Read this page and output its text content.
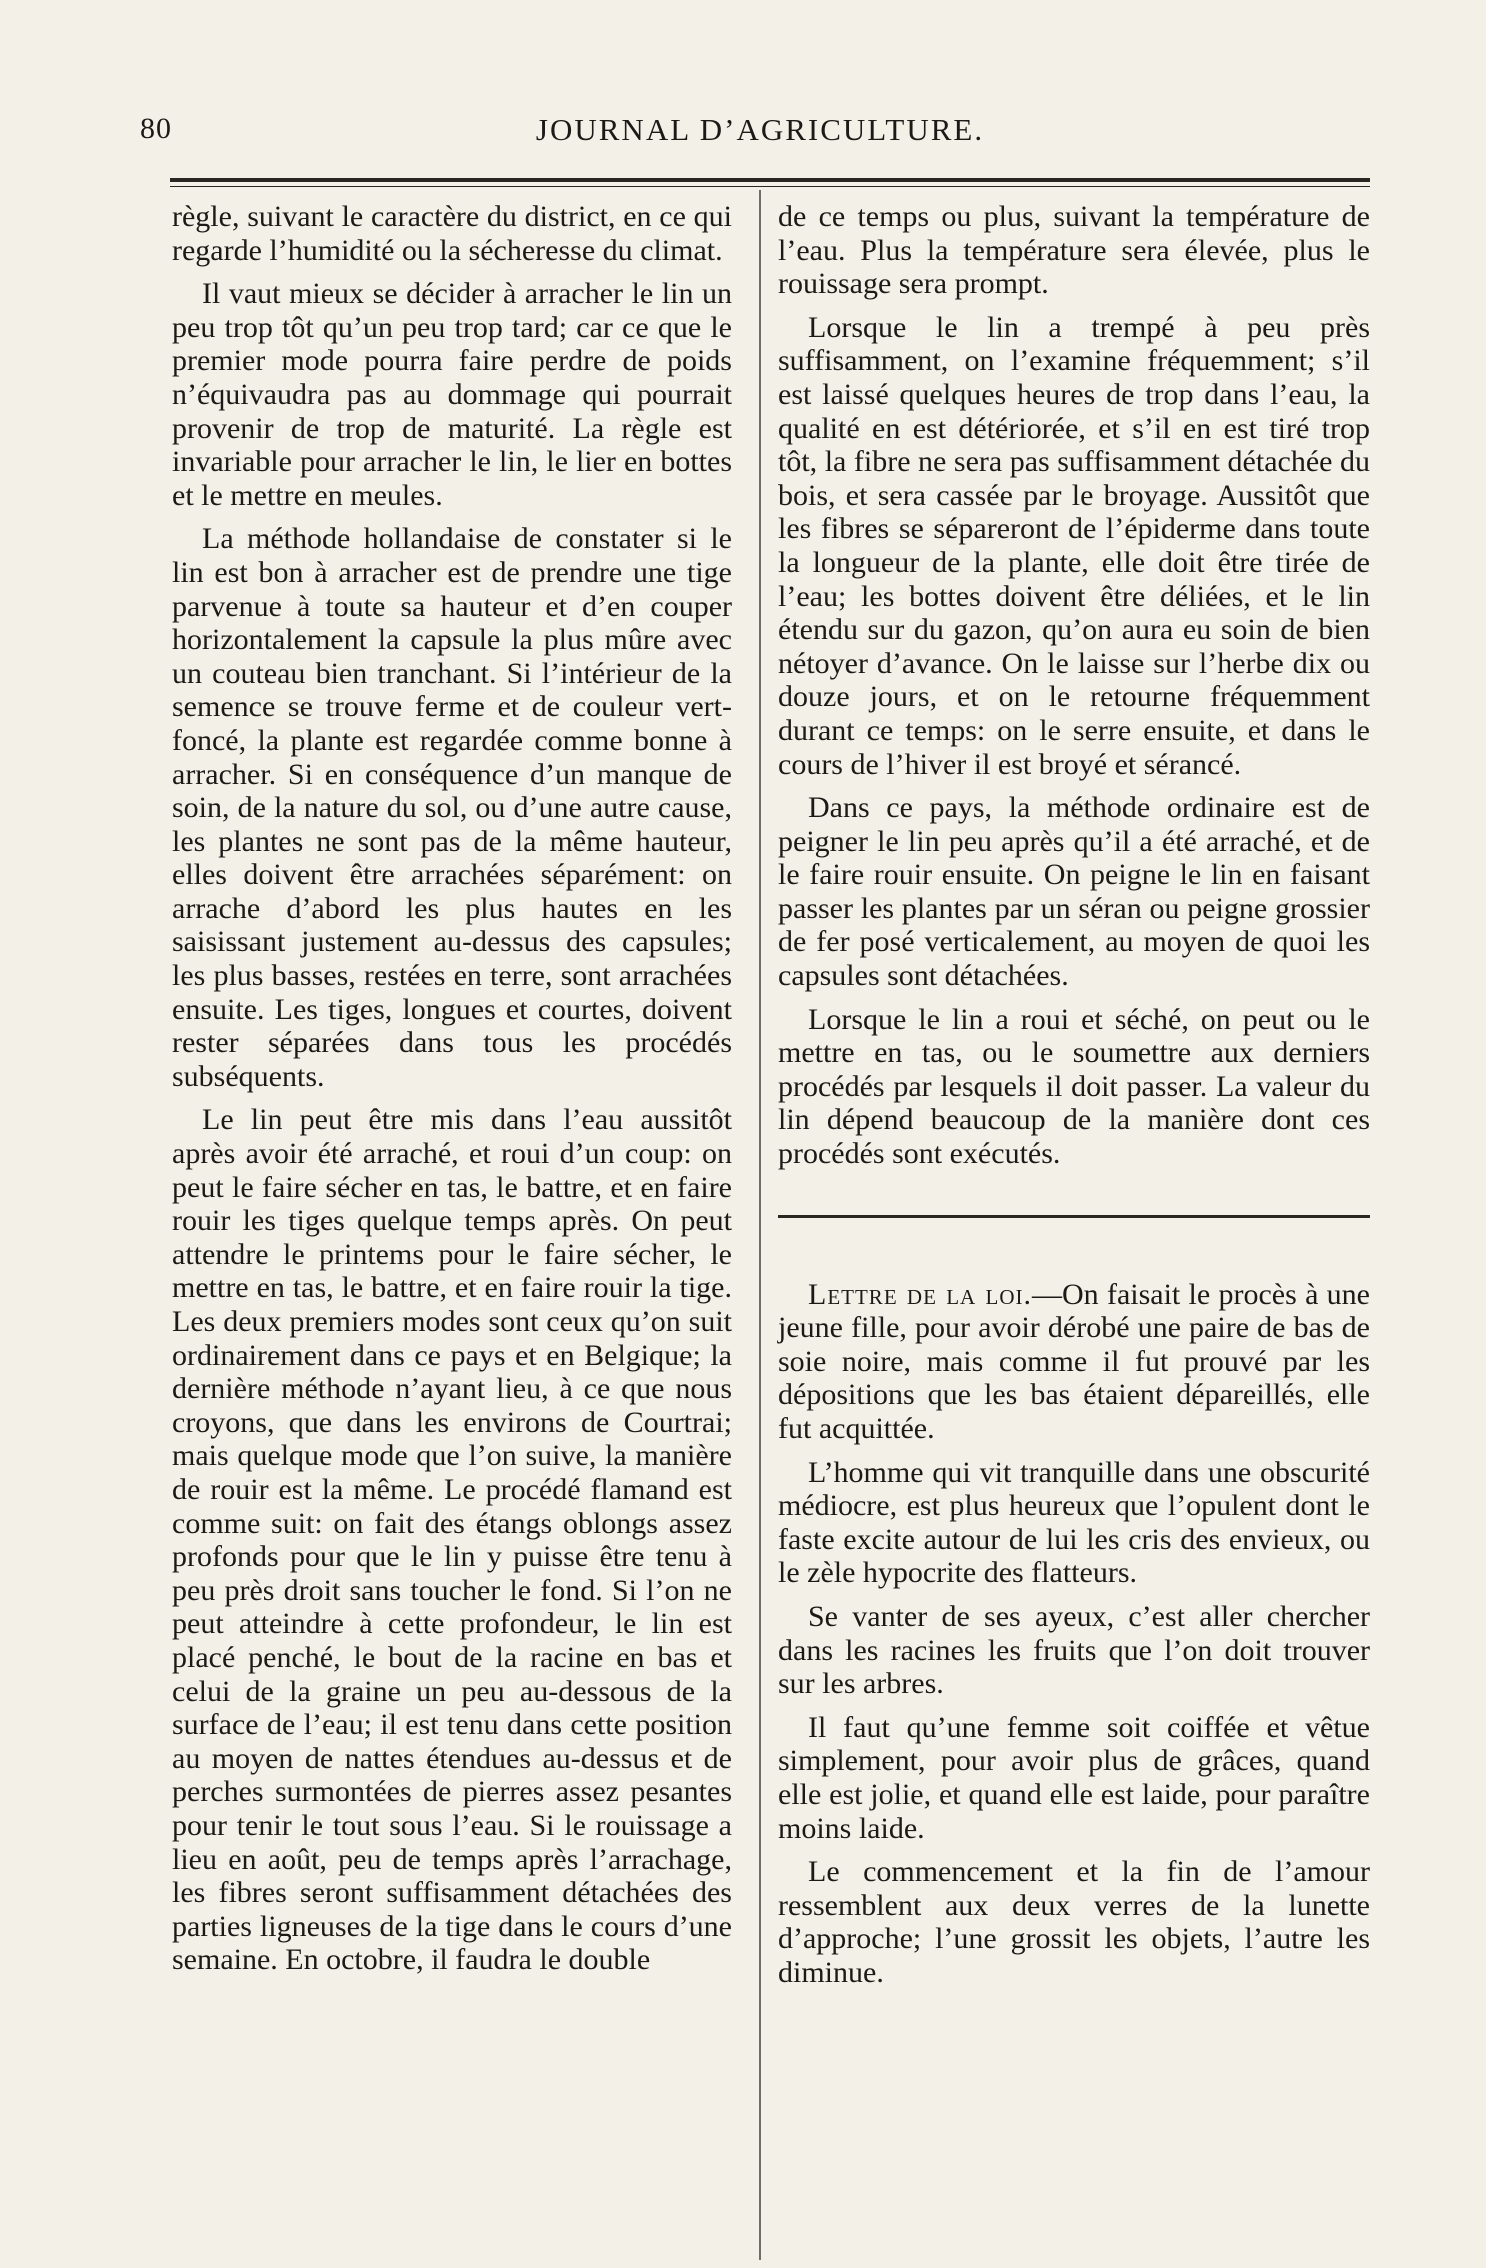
80	JOURNAL D’AGRICULTURE.

règle, suivant le caractère du district, en ce qui regarde l’humidité ou la sécheresse du climat.

Il vaut mieux se décider à arracher le lin un peu trop tôt qu’un peu trop tard; car ce que le premier mode pourra faire perdre de poids n’équivaudra pas au dommage qui pourrait provenir de trop de maturité. La règle est invariable pour arracher le lin, le lier en bottes et le mettre en meules.

La méthode hollandaise de constater si le lin est bon à arracher est de prendre une tige parvenue à toute sa hauteur et d’en couper horizontalement la capsule la plus mûre avec un couteau bien tranchant. Si l’intérieur de la semence se trouve ferme et de couleur vert-foncé, la plante est regardée comme bonne à arracher. Si en conséquence d’un manque de soin, de la nature du sol, ou d’une autre cause, les plantes ne sont pas de la même hauteur, elles doivent être arrachées séparément: on arrache d’abord les plus hautes en les saisissant justement au-dessus des capsules; les plus basses, restées en terre, sont arrachées ensuite. Les tiges, longues et courtes, doivent rester séparées dans tous les procédés subséquents.

Le lin peut être mis dans l’eau aussitôt après avoir été arraché, et roui d’un coup: on peut le faire sécher en tas, le battre, et en faire rouir les tiges quelque temps après. On peut attendre le printems pour le faire sécher, le mettre en tas, le battre, et en faire rouir la tige. Les deux premiers modes sont ceux qu’on suit ordinairement dans ce pays et en Belgique; la dernière méthode n’ayant lieu, à ce que nous croyons, que dans les environs de Courtrai; mais quelque mode que l’on suive, la manière de rouir est la même. Le procédé flamand est comme suit: on fait des étangs oblongs assez profonds pour que le lin y puisse être tenu à peu près droit sans toucher le fond. Si l’on ne peut atteindre à cette profondeur, le lin est placé penché, le bout de la racine en bas et celui de la graine un peu au-dessous de la surface de l’eau; il est tenu dans cette position au moyen de nattes étendues au-dessus et de perches surmontées de pierres assez pesantes pour tenir le tout sous l’eau. Si le rouissage a lieu en août, peu de temps après l’arrachage, les fibres seront suffisamment détachées des parties ligneuses de la tige dans le cours d’une semaine. En octobre, il faudra le double

de ce temps ou plus, suivant la température de l’eau. Plus la température sera élevée, plus le rouissage sera prompt.

Lorsque le lin a trempé à peu près suffisamment, on l’examine fréquemment; s’il est laissé quelques heures de trop dans l’eau, la qualité en est détériorée, et s’il en est tiré trop tôt, la fibre ne sera pas suffisamment détachée du bois, et sera cassée par le broyage. Aussitôt que les fibres se sépareront de l’épiderme dans toute la longueur de la plante, elle doit être tirée de l’eau; les bottes doivent être déliées, et le lin étendu sur du gazon, qu’on aura eu soin de bien nétoyer d’avance. On le laisse sur l’herbe dix ou douze jours, et on le retourne fréquemment durant ce temps: on le serre ensuite, et dans le cours de l’hiver il est broyé et sérancé.

Dans ce pays, la méthode ordinaire est de peigner le lin peu après qu’il a été arraché, et de le faire rouir ensuite. On peigne le lin en faisant passer les plantes par un séran ou peigne grossier de fer posé verticalement, au moyen de quoi les capsules sont détachées.

Lorsque le lin a roui et séché, on peut ou le mettre en tas, ou le soumettre aux derniers procédés par lesquels il doit passer. La valeur du lin dépend beaucoup de la manière dont ces procédés sont exécutés.

Lettre de la loi.—On faisait le procès à une jeune fille, pour avoir dérobé une paire de bas de soie noire, mais comme il fut prouvé par les dépositions que les bas étaient dépareillés, elle fut acquittée.

L’homme qui vit tranquille dans une obscurité médiocre, est plus heureux que l’opulent dont le faste excite autour de lui les cris des envieux, ou le zèle hypocrite des flatteurs.

Se vanter de ses ayeux, c’est aller chercher dans les racines les fruits que l’on doit trouver sur les arbres.

Il faut qu’une femme soit coiffée et vêtue simplement, pour avoir plus de grâces, quand elle est jolie, et quand elle est laide, pour paraître moins laide.

Le commencement et la fin de l’amour ressemblent aux deux verres de la lunette d’approche; l’une grossit les objets, l’autre les diminue.
